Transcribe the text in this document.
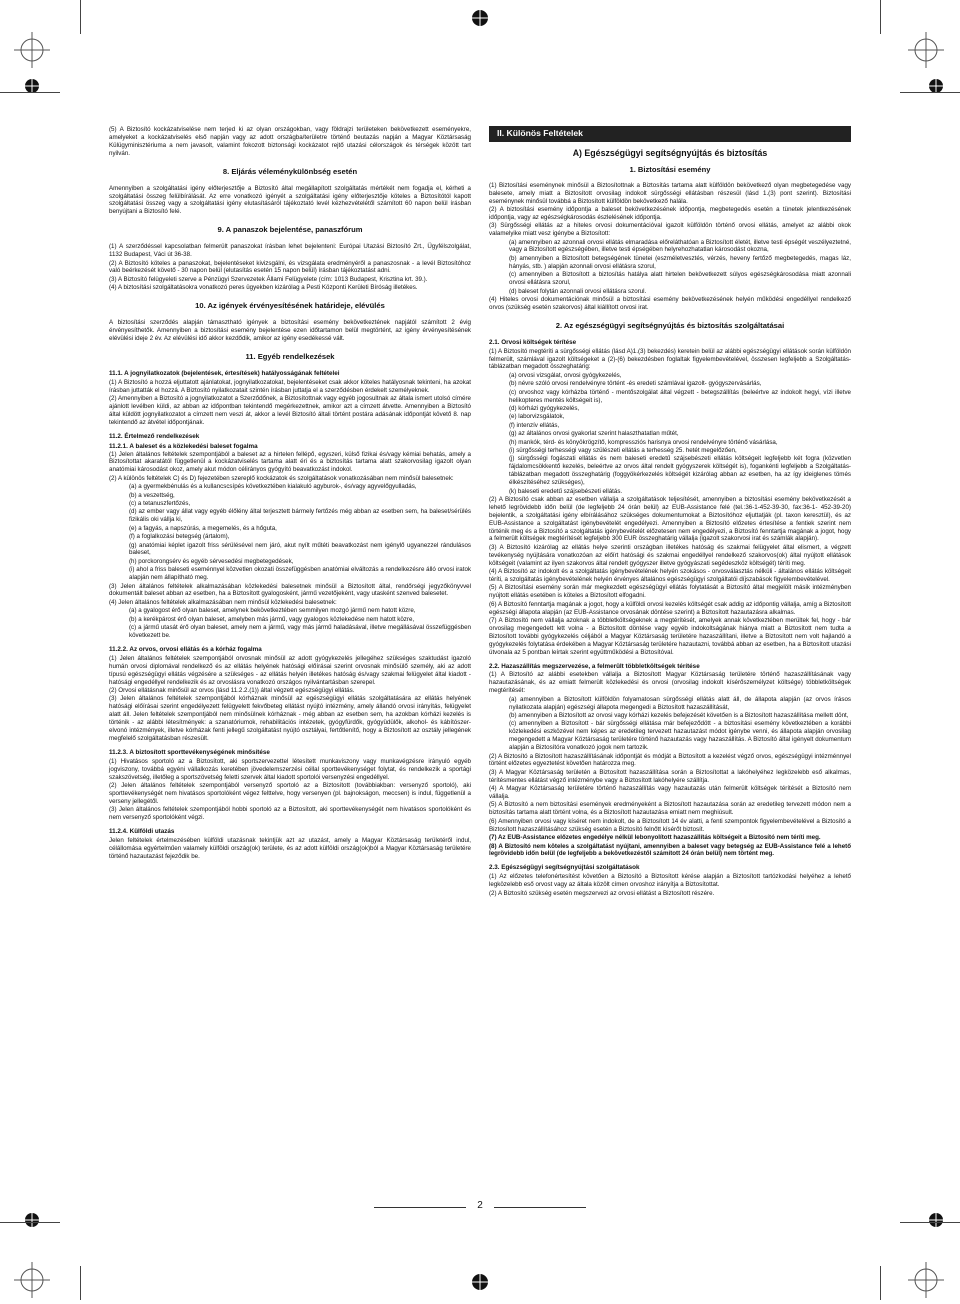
(5) A Biztosító kockázatviselése nem terjed ki az olyan országokban, vagy földrajzi területeken bekövetkezett eseményekre, amelyeket a kockázatviselés első napján vagy az adott országba/területre történő beutazás napján a Magyar Köztársaság Külügyminisztériuma a nem javasolt, valamint fokozott biztonsági kockázatot rejtő utazási célországok és térségek között tart nyilván.

8. Eljárás véleménykülönbség esetén

Amennyiben a szolgáltatási igény előterjesztője a Biztosító által megállapított szolgáltatás mértékét nem fogadja el, kérheti a szolgáltatási összeg felülbírálását. Az erre vonatkozó igényét a szolgáltatási igény előterjesztője köteles a Biztosítótól kapott szolgáltatási összeg vagy a szolgáltatási igény elutasításáról tájékoztató levél kézhezvételétől számított 60 napon belül írásban benyújtani a Biztosító felé.

9. A panaszok bejelentése, panaszfórum

(1) A szerződéssel kapcsolatban felmerült panaszokat írásban lehet bejelenteni: Európai Utazási Biztosító Zrt., Ügyfélszolgálat, 1132 Budapest, Váci út 36-38.

(2) A Biztosító köteles a panaszokat, bejelentéseket kivizsgálni, és vizsgálata eredményéről a panaszosnak - a levél Biztosítóhoz való beérkezését követő - 30 napon belül (elutasítás esetén 15 napon belül) írásban tájékoztatást adni.

(3) A Biztosító felügyeleti szerve a Pénzügyi Szervezetek Állami Felügyelete (cím: 1013 Budapest, Krisztina krt. 39.).

(4) A biztosítási szolgáltatásokra vonatkozó peres ügyekben kizárólag a Pesti Központi Kerületi Bíróság illetékes.

10. Az igények érvényesítésének határideje, elévülés

A biztosítási szerződés alapján támasztható igények a biztosítási esemény bekövetkeztének napjától számított 2 évig érvényesíthetők. Amennyiben a biztosítási esemény bejelentése ezen időtartamon belül megtörtént, az igény érvényesítésének elévülési ideje 2 év. Az elévülési idő akkor kezdődik, amikor az igény esedékessé vált.

11. Egyéb rendelkezések
11.1. A jognyilatkozatok (bejelentések, értesítések) hatályosságának feltételei

(1) A Biztosító a hozzá eljuttatott ajánlatokat, jognyilatkozatokat, bejelentéseket csak akkor köteles hatályosnak tekinteni, ha azokat írásban juttatták el hozzá. A Biztosító nyilatkozatait szintén írásban juttatja el a szerződésben érdekelt személyeknek.

(2) Amennyiben a Biztosító a jognyilatkozatot a Szerződőnek, a Biztosítottnak vagy egyéb jogosultnak az általa ismert utolsó címére ajánlott levélben küldi, az abban az időpontban tekintendő megérkezettnek, amikor azt a címzett átvette. Amennyiben a Biztosító által küldött jognyilatkozatot a címzett nem veszi át, akkor a levél Biztosító általi történt postára adásának időpontját követő 8. nap tekintendő az átvétel időpontjának.

11.2. Értelmező rendelkezések
11.2.1. A baleset és a közlekedési baleset fogalma

(1) Jelen általános feltételek szempontjából a baleset az a hirtelen fellépő, egyszeri, külső fizikai és/vagy kémiai behatás, amely a Biztosítottat akaratától függetlenül a kockázatviselés tartama alatt éri és a biztosítás tartama alatt szakorvosilag igazolt olyan anatómiai károsodást okoz, amely akut módon célirányos gyógyító beavatkozást indokol.

(2) A különös feltételek C) és D) fejezetében szereplő kockázatok és szolgáltatások vonatkozásában nem minősül balesetnek:

(a) a gyermekbénulás és a kullancscsípés következtében kialakuló agyburok-, és/vagy agyvelőgyulladás,

(b) a veszettség,

(c) a tetanuszfertőzés,

(d) az ember vagy állat vagy egyéb élőlény által terjesztett bármely fertőzés még abban az esetben sem, ha baleset/sérülés fizikális oki vállja ki,

(e) a fagyás, a napszúrás, a megemelés, és a hőguta,

(f) a foglalkozási betegség (ártalom),

(g) anatómiai képlet igazolt friss sérülésével nem járó, akut nyílt műtéti beavatkozást nem igénylő ugyanezzel rándulásos baleset,

(h) porckorongsérv és egyéb sérvesedési megbetegedések,

(i) ahol a friss baleseti eseménnyel közvetlen okozati összefüggésben anatómiai elváltozás a rendelkezésre álló orvosi iratok alapján nem állapítható meg.

(3) Jelen általános feltételek alkalmazásában közlekedési balesetnek minősül a Biztosított által, rendőrségi jegyzőkönyvvel dokumentált baleset abban az esetben, ha a Biztosított gyalogosként, jármű vezetőjeként, vagy utasként szenved balesetet.

(4) Jelen általános feltételek alkalmazásában nem minősül közlekedési balesetnek:

(a) a gyalogost érő olyan baleset, amelynek bekövetkeztében semmilyen mozgó jármű nem hatott közre,

(b) a kerékpárost érő olyan baleset, amelyben más jármű, vagy gyalogos közlekedése nem hatott közre,

(c) a jármű utasát érő olyan baleset, amely nem a jármű, vagy más jármű haladásával, illetve megállásával összefüggésben következett be.

11.2.2. Az orvos, orvosi ellátás és a kórház fogalma

(1) Jelen általános feltételek szempontjából orvosnak minősül az adott gyógykezelés jellegéhez szükséges szaktudást igazoló humán orvosi diplomával rendelkező és az ellátás helyének hatósági előírásai szerint orvosnak minősülő személy, aki az adott típusú egészségügyi ellátás végzésére a szükséges - az ellátás helyén illetékes hatóság és/vagy szakmai felügyelet által kiadott - hatósági engedéllyel rendelkezik és az orvoslásra vonatkozó országos nyilvántartásban szerepel.

(2) Orvosi ellátásnak minősül az orvos (lásd 11.2.2.(1)) által végzett egészségügyi ellátás.

(3) Jelen általános feltételek szempontjából kórháznak minősül az egészségügyi ellátás szolgáltatására az ellátás helyének hatósági előírásai szerint engedélyezett felügyelett fekvőbeteg ellátást nyújtó intézmény, amely állandó orvosi irányítás, felügyelet alatt áll. Jelen feltételek szempontjából nem minősülnek kórháznak - még abban az esetben sem, ha azokban kórházi kezelés is történik - az alábbi létesítmények: a szanatóriumok, rehabilitációs intézetek, gyógyfürdők, gyógyüdülők, alkohol- és kábítószer-elvonó intézmények, illetve kórházak fenti jellegű szolgáltatást nyújtó osztályai, fertőtlenítő, hogy a Biztosított az osztály jellegének megfelelő szolgáltatásban részesült.

11.2.3. A biztosított sporttevékenységének minősítése

(1) Hivatásos sportoló az a Biztosított, aki sportszervezettel létesített munkaviszony vagy munkavégzésre irányuló egyéb jogviszony, továbbá egyéni vállalkozás keretében jövedelemszerzési céllal sporttevékenységet folytat, és rendelkezik a sportági szakszövetség, illetőleg a sportszövetség feletti szervek által kiadott sportolói versenyzési engedéllyel.

(2) Jelen általános feltételek szempontjából versenyző sportoló az a Biztosított (továbbiakban: versenyző sportoló), aki sporttevékenységét nem hivatásos sportolóként végez felttelve, hogy versenyen (pl. bajnokságon, meccsen) is indul, függetlenül a verseny jellegétől.

(3) Jelen általános feltételek szempontjából hobbi sportoló az a Biztosított, aki sporttevékenységét nem hivatásos sportolóként és nem versenyző sportolóként végzi.

11.2.4. Külföldi utazás

Jelen feltételek értelmezésében külföldi utazásnak tekintjük azt az utazást, amely a Magyar Köztársaság területéről indul, célállomása egyértelműen valamely külföldi ország(ok) területe, és az adott külföldi ország(ok)ból a Magyar Köztársaság területére történő hazautazást fejeződik be.

II. Különös Feltételek
A) Egészségügyi segítségnyújtás és biztosítás
1. Biztosítási esemény

(1) Biztosítási eseménynek minősül a Biztosítottnak a Biztosítás tartama alatt külföldön bekövetkező olyan megbetegedése vagy balesete, amely miatt a Biztosított orvosilag indokolt sürgősségi ellátásban részesül (lásd 1.(3) pont szerint). Biztosítási eseménynek minősül továbbá a Biztosított külföldön bekövetkező halála.

(2) A biztosítási esemény időpontja a baleset bekövetkezésének időpontja, megbetegedés esetén a tünetek jelentkezésének időpontja, vagy az egészségkárosodás észlelésének időpontja.

(3) Sürgősségi ellátás az a hiteles orvosi dokumentációval igazolt külföldön történő orvosi ellátás, amelyet az alábbi okok valamelyike miatt vesz igénybe a Biztosított:

(a) amennyiben az azonnali orvosi ellátás elmaradása előreláthatóan a Biztosított életét, illetve testi épségét veszélyeztetné, vagy a Biztosított egészségében, illetve testi épségében helyrehozhatatlan károsodást okozna,

(b) amennyiben a Biztosított betegségének tünetei (eszméletvesztés, vérzés, heveny fertőző megbetegedés, magas láz, hányás, stb. ) alapján azonnali orvosi ellátásra szorul,

(c) amennyiben a Biztosított a biztosítás hatálya alatt hirtelen bekövetkezett súlyos egészségkárosodása miatt azonnali orvosi ellátásra szorul,

(d) baleset folytán azonnali orvosi ellátásra szorul.

(4) Hiteles orvosi dokumentációnak minősül a biztosítási esemény bekövetkezésének helyén működési engedéllyel rendelkező orvos (szükség esetén szakorvos) által kiállított orvosi irat.

2. Az egészségügyi segítségnyújtás és biztosítás szolgáltatásai
2.1. Orvosi költségek térítése

(1) A Biztosító megtéríti a sürgősségi ellátás (lásd A)1.(3) bekezdés) keretein belül az alábbi egészségügyi ellátások során külföldön felmerült, számlával igazolt költségeket a (2)-(6) bekezdésben foglaltak figyelembevételével, összesen legfeljebb a Szolgáltatás-táblázatban megadott összeghatárig:

(a) orvosi vizsgálat, orvosi gyógykezelés,

(b) névre szóló orvosi rendelvényre történt -és eredeti számlával igazolt- gyógyszervásárlás,

(c) orvoshoz vagy kórházba történő - mentőszolgálat által végzett - betegszállítás (beleértve az indokolt hegyi, vízi illetve helikopteres mentés költségeit is),

(d) kórházi gyógykezelés,

(e) laborvizsgálatok,

(f) intenzív ellátás,

(g) az általános orvosi gyakorlat szerint halaszthatatlan műtét,

(h) mankók, térd- és könyökrögzítő, kompressziós harisnya orvosi rendelvényre történő vásárlása,

(i) sürgősségi terhességi vagy szülészeti ellátás a terhesség 25. hetét megelőzően,

(j) sürgősségi fogászati ellátás és nem baleseti eredetű szájsebészeti ellátás költségeit legfeljebb két fogra (közvetlen fájdalomcsökkentő kezelés, beleértve az orvos által rendelt gyógyszerek költségét is), fogankénti legfeljebb a Szolgáltatás-táblázatban megadott összeghatárig (foggyökérkezelés költségét kizárólag abban az esetben, ha az így ideiglenes tömés élkészítéséhez szükséges),

(k) baleseti eredetű szájsebészeti ellátás.

(2) A Biztosító csak abban az esetben vállalja a szolgáltatások teljesítését, amennyiben a biztosítási esemény bekövetkezését a lehető legrövidebb időn belül (de legfeljebb 24 órán belül) az EUB-Assistance felé (tel.:36-1-452-39-30, fax:36-1- 452-39-20) bejelentik, a szolgáltatási igény elbírálásához szükséges dokumentumokat a Biztosítóhoz eljuttatják (pl. taxon keresztül), és az EUB-Assistance a szolgáltatást igénybevételét engedélyezi. Amennyiben a Biztosító előzetes értesítése a fentiek szerint nem történik meg és a Biztosító a szolgáltatás igénybevételét előzetesen nem engedélyezi, a Biztosító fenntartja magának a jogot, hogy a felmerült költségek megtérítését legfeljebb 300 EUR összeghatárig vállalja (igazolt szakorvosi irat és számlák alapján).

(3) A Biztosító kizárólag az ellátás helye szerinti országban illetékes hatóság és szakmai felügyelet által elismert, a végzett tevékenység nyújtására vonatkozóan az előírt hatósági és szakmai engedéllyel rendelkező szakorvos(ok) által nyújtott ellátások költségeit (valamint az ilyen szakorvos által rendelt gyógyszer illetve gyógyászati segédeszköz költségét) téríti meg.

(4) A Biztosító az indokolt és a szolgáltatás igénybevételének helyén szokásos - orvosválasztás nélküli - általános ellátás költségeit téríti, a szolgáltatás igénybevételének helyén érvényes általános egészségügyi szolgáltatói díjszabások figyelembevételével.

(5) A Biztosítási esemény során már megkezdett egészségügyi ellátás folytatását a Biztosító által megjelölt másik intézményben nyújtott ellátás esetében is köteles a Biztosított elfogadni.

(6) A Biztosító fenntartja magának a jogot, hogy a külföldi orvosi kezelés költségét csak addig az időpontig vállalja, amíg a Biztosított egészségi állapota alapján (az EUB-Assistance orvosának döntése szerint) a Biztosított hazautazásra alkalmas.

(7) A Biztosító nem vállalja azoknak a többletköltségeknek a megtérítését, amelyek annak következtében merültek fel, hogy - bár orvosilag megengedett lett volna - a Biztosított döntése vagy egyéb indokoltságának hiánya miatt a Biztosított nem tudta a Biztosított további gyógykezelés céljából a Magyar Köztársaság területére hazaszállítani, illetve a Biztosított nem volt hajlandó a gyógykezelés folytatása érdekében a Magyar Köztársaság területére hazautazni, továbbá abban az esetben, ha a Biztosított utazási útvonala az 5 pontban leírtak szerint együttműködési a Biztosítóval.

2.2. Hazaszállítás megszervezése, a felmerült többletköltségek térítése

(1) A Biztosító az alábbi esetekben vállalja a Biztosított Magyar Köztársaság területére történő hazaszállításának vagy hazautazásának, és az emiatt felmerült közlekedési és orvosi (orvosilag indokolt kísérőszemélyzet költsége) többletköltségek megtérítését:

(a) amennyiben a Biztosított külföldön folyamatosan sürgősségi ellátás alatt áll, de állapota alapján (az orvos írásos nyilatkozata alapján) egészségi állapota megengedi a Biztosított hazaszállítását,

(b) amennyiben a Biztosított az orvosi vagy kórházi kezelés befejezését követően is a Biztosított hazaszállítása mellett dönt,

(c) amennyiben a Biztosított - bár sürgősségi ellátása már befejeződött - a biztosítási esemény következtében a korábbi közlekedési eszközével nem képes az eredetileg tervezett hazautazást módot igénybe venni, és állapota alapján orvosilag megengedett a Magyar Köztársaság területére történő hazautazás vagy hazaszállítás. A Biztosító által igényelt dokumentum alapján a Biztosítóra vonatkozó jogok nem tartozik.

(2) A Biztosító a Biztosított hazaszállításának időpontját és módját a Biztosított a kezelést végző orvos, egészségügyi intézménnyel történt előzetes egyeztetést követően határozza meg.

(3) A Magyar Köztársaság területén a Biztosított hazaszállítása során a Biztosítottat a lakóhelyéhez legközelebb eső alkalmas, térítésmentes ellátást végző intézménybe vagy a Biztosított lakóhelyére szállítja.

(4) A Magyar Köztársaság területére történő hazaszállítás vagy hazautazás után felmerült költségek térítését a Biztosító nem vállalja.

(5) A Biztosító a nem biztosítási események eredményeként a Biztosított hazautazása során az eredetileg tervezett módon nem a biztosítás tartama alatt történt volna, és a Biztosított hazautazása emiatt nem meghiúsult.

(6) Amennyiben orvosi vagy kíséret nem indokolt, de a Biztosított 14 év alatti, a fenti szempontok figyelembevételével a Biztosító a Biztosított hazaszállításához szükség esetén a Biztosító felnőtt kísérőt biztosít.

(7) Az EUB-Assistance előzetes engedélye nélkül lebonyolított hazaszállítás költségeit a Biztosító nem téríti meg.

(8) A Biztosító nem köteles a szolgáltatást nyújtani, amennyiben a baleset vagy betegség az EUB-Assistance felé a lehető legrövidebb időn belül (de legfeljebb a bekövetkezéstől számított 24 órán belül) nem történt meg.

2.3. Egészségügyi segítségnyújtási szolgáltatások

(1) Az előzetes telefonértesítést követően a Biztosító a Biztosított kérése alapján a Biztosított tartózkodási helyéhez a lehető legközelebb eső orvost vagy az általa közölt címen orvoshoz irányítja a Biztosítottat.

(2) A Biztosító szükség esetén megszervezi az orvosi ellátást a Biztosított részére.

2
